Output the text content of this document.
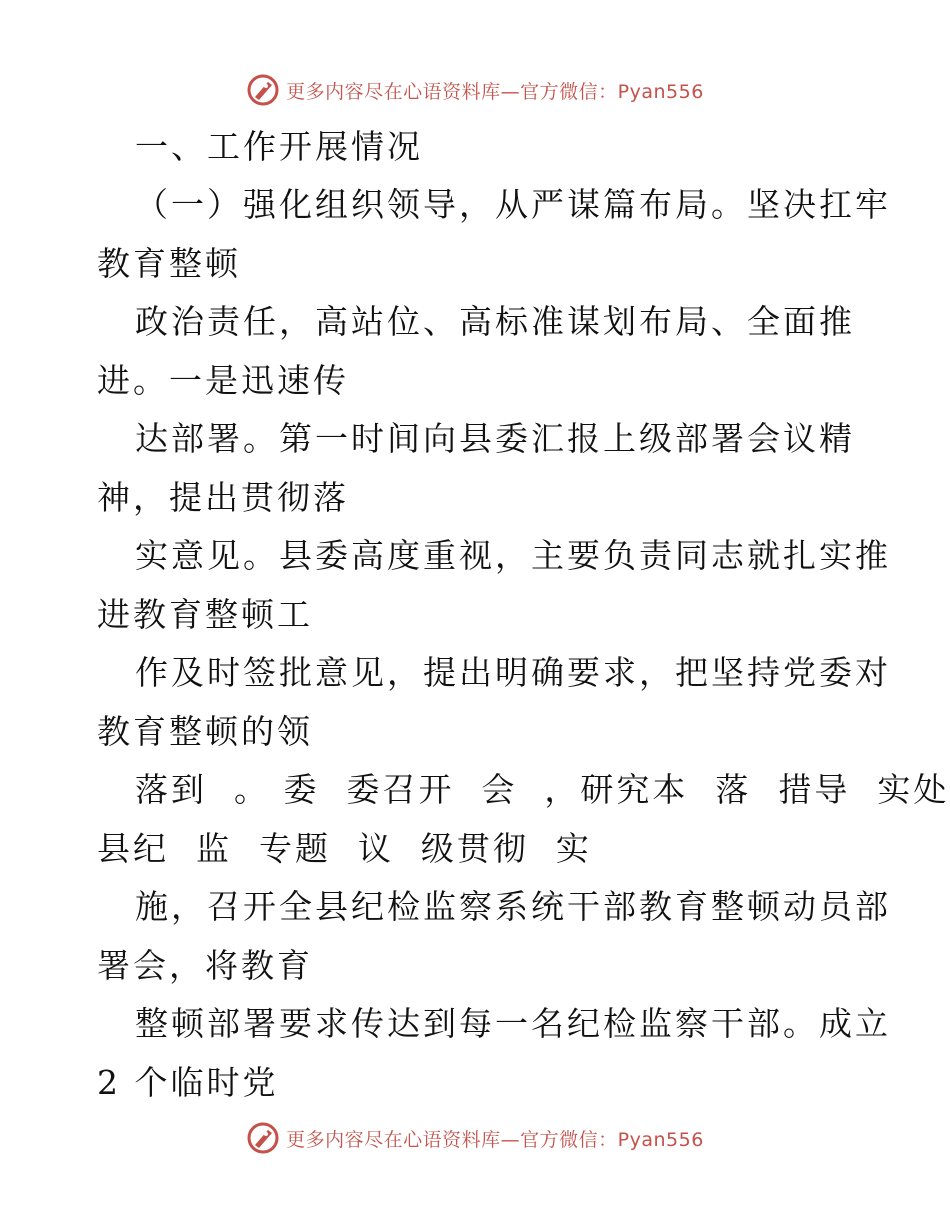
更多内容尽在心语资料库—官方微信：Pyan556
一、工作开展情况
（一）强化组织领导，从严谋篇布局。坚决扛牢
教育整顿
政治责任，高站位、高标准谋划布局、全面推
进。一是迅速传
达部署。第一时间向县委汇报上级部署会议精
神，提出贯彻落
实意见。县委高度重视，主要负责同志就扎实推
进教育整顿工
作及时签批意见，提出明确要求，把坚持党委对
教育整顿的领
落到  。 委  委召开  会  ，研究本  落  措导  实处
县纪  监  专题  议  级贯彻  实
施，召开全县纪检监察系统干部教育整顿动员部
署会，将教育
整顿部署要求传达到每一名纪检监察干部。成立
2 个临时党
更多内容尽在心语资料库—官方微信：Pyan556
